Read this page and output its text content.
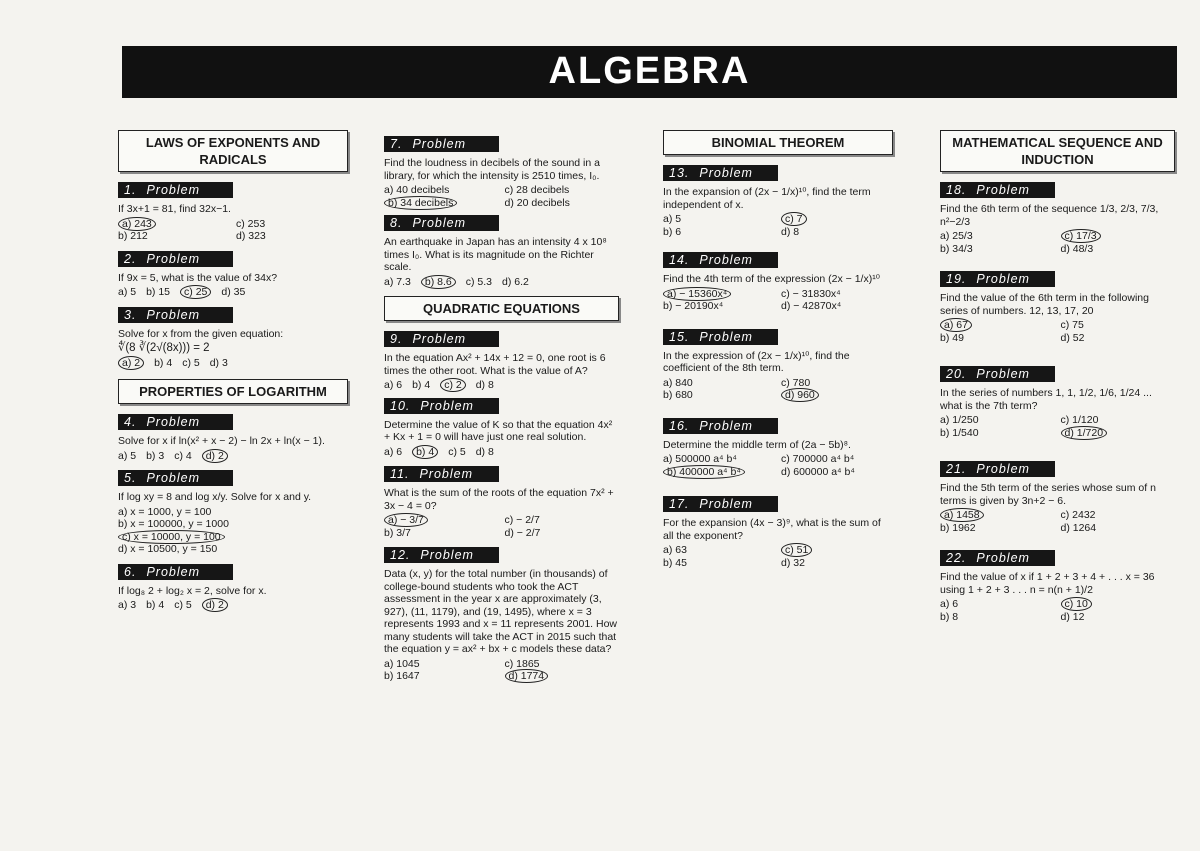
ALGEBRA
LAWS OF EXPONENTS AND RADICALS
1. Problem
If 3x+1 = 81, find 32x−1.
a) 243	c) 253
b) 212	d) 323
2. Problem
If 9x = 5, what is the value of 34x?
a) 5 b) 15	c) 25	d) 35
3. Problem
Solve for x from the given equation:
∜(8 ∛(2√(8x))) = 2
a) 2	b) 4 c) 5 d) 3
PROPERTIES OF LOGARITHM
4. Problem
Solve for x if ln(x² + x − 2) − ln 2x + ln(x − 1).
a) 5 b) 3 c) 4	d) 2
5. Problem
If log xy = 8 and log x/y. Solve for x and y.
a) x = 1000, y = 100
b) x = 100000, y = 1000
c) x = 10000, y = 100
d) x = 10500, y = 150
6. Problem
If log₈ 2 + log₂ x = 2, solve for x.
a) 3 b) 4 c) 5	d) 2
7. Problem
Find the loudness in decibels of the sound in a library, for which the intensity is 2510 times, I₀.
a) 40 decibels	c) 28 decibels
b) 34 decibels	d) 20 decibels
8. Problem
An earthquake in Japan has an intensity 4 x 10⁸ times I₀. What is its magnitude on the Richter scale.
a) 7.3	b) 8.6	c) 5.3 d) 6.2
QUADRATIC EQUATIONS
9. Problem
In the equation Ax² + 14x + 12 = 0, one root is 6 times the other root. What is the value of A?
a) 6 b) 4	c) 2	d) 8
10. Problem
Determine the value of K so that the equation 4x² + Kx + 1 = 0 will have just one real solution.
a) 6	b) 4	c) 5 d) 8
11. Problem
What is the sum of the roots of the equation 7x² + 3x − 4 = 0?
a) − 3/7	c) − 2/7
b) 3/7	d) − 2/7
12. Problem
Data (x, y) for the total number (in thousands) of college-bound students who took the ACT assessment in the year x are approximately (3, 927), (11, 1179), and (19, 1495), where x = 3 represents 1993 and x = 11 represents 2001. How many students will take the ACT in 2015 such that the equation y = ax² + bx + c models these data?
a) 1045	c) 1865
b) 1647	d) 1774
BINOMIAL THEOREM
13. Problem
In the expansion of (2x − 1/x)¹⁰, find the term independent of x.
a) 5	c) 7
b) 6	d) 8
14. Problem
Find the 4th term of the expression (2x − 1/x)¹⁰
a) − 15360x⁴	c) − 31830x⁴
b) − 20190x⁴	d) − 42870x⁴
15. Problem
In the expression of (2x − 1/x)¹⁰, find the coefficient of the 8th term.
a) 840	c) 780
b) 680	d) 960
16. Problem
Determine the middle term of (2a − 5b)⁸.
a) 500000 a⁴ b⁴	c) 700000 a⁴ b⁴
b) 400000 a⁴ b⁴	d) 600000 a⁴ b⁴
17. Problem
For the expansion (4x − 3)⁹, what is the sum of all the exponent?
a) 63	c) 51
b) 45	d) 32
MATHEMATICAL SEQUENCE AND INDUCTION
18. Problem
Find the 6th term of the sequence 1/3, 2/3, 7/3, n²−2/3
a) 25/3	c) 17/3
b) 34/3	d) 48/3
19. Problem
Find the value of the 6th term in the following series of numbers. 12, 13, 17, 20
a) 67	c) 75
b) 49	d) 52
20. Problem
In the series of numbers 1, 1, 1/2, 1/6, 1/24 ... what is the 7th term?
a) 1/250	c) 1/120
b) 1/540	d) 1/720
21. Problem
Find the 5th term of the series whose sum of n terms is given by 3n+2 − 6.
a) 1458	c) 2432
b) 1962	d) 1264
22. Problem
Find the value of x if 1 + 2 + 3 + 4 + . . . x = 36 using 1 + 2 + 3 . . . n = n(n + 1)/2
a) 6	c) 10
b) 8	d) 12
